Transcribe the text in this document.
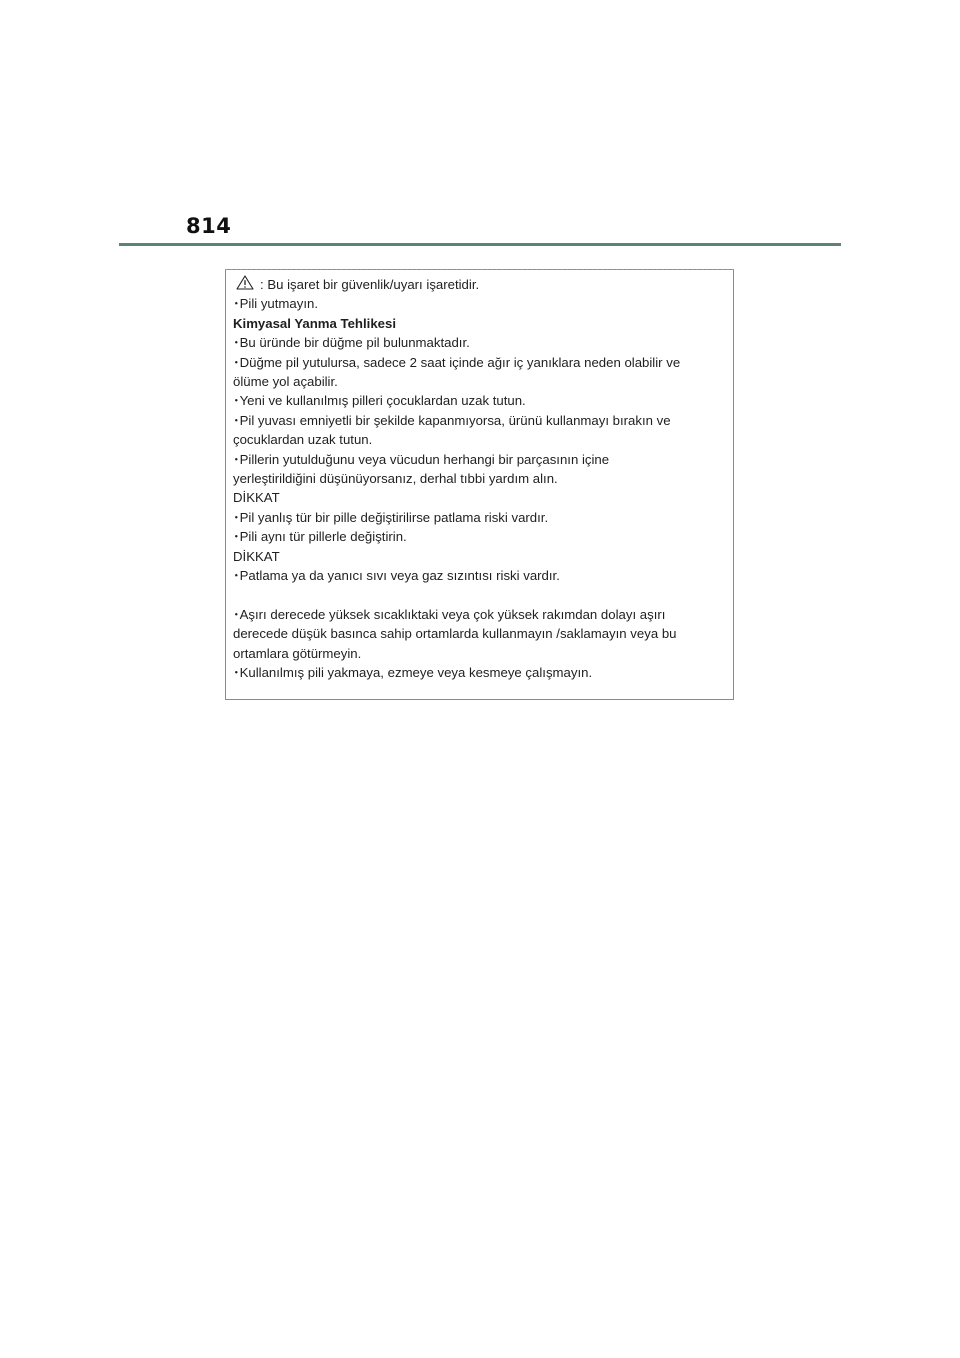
814
: Bu işaret bir güvenlik/uyarı işaretidir.
･Pili yutmayın.
Kimyasal Yanma Tehlikesi
･Bu üründe bir düğme pil bulunmaktadır.
･Düğme pil yutulursa, sadece 2 saat içinde ağır iç yanıklara neden olabilir ve
ölüme yol açabilir.
･Yeni ve kullanılmış pilleri çocuklardan uzak tutun.
･Pil yuvası emniyetli bir şekilde kapanmıyorsa, ürünü kullanmayı bırakın ve
çocuklardan uzak tutun.
･Pillerin yutulduğunu veya vücudun herhangi bir parçasının içine
yerleştirildiğini düşünüyorsanız, derhal tıbbi yardım alın.
DİKKAT
･Pil yanlış tür bir pille değiştirilirse patlama riski vardır.
･Pili aynı tür pillerle değiştirin.
DİKKAT
･Patlama ya da yanıcı sıvı veya gaz sızıntısı riski vardır.
･Aşırı derecede yüksek sıcaklıktaki veya çok yüksek rakımdan dolayı aşırı
derecede düşük basınca sahip ortamlarda kullanmayın /saklamayın veya bu
ortamlara götürmeyin.
･Kullanılmış pili yakmaya, ezmeye veya kesmeye çalışmayın.
